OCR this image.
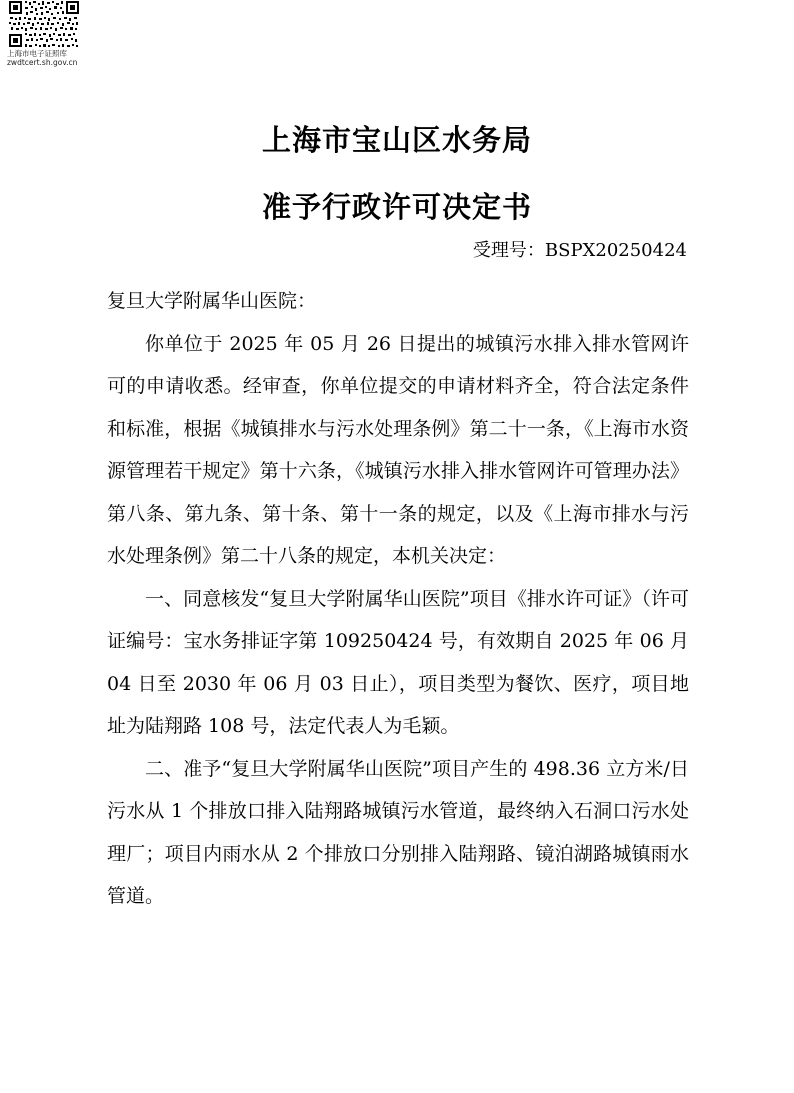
上海市电子证照库
zwdtcert.sh.gov.cn
上海市宝山区水务局
准予行政许可决定书
受理号：BSPX20250424

复旦大学附属华山医院：

你单位于 2025 年 05 月 26 日提出的城镇污水排入排水管网许可的申请收悉。经审查，你单位提交的申请材料齐全，符合法定条件和标准，根据《城镇排水与污水处理条例》第二十一条，《上海市水资源管理若干规定》第十六条，《城镇污水排入排水管网许可管理办法》第八条、第九条、第十条、第十一条的规定，以及《上海市排水与污水处理条例》第二十八条的规定，本机关决定：

一、同意核发“复旦大学附属华山医院”项目《排水许可证》（许可证编号：宝水务排证字第 109250424 号，有效期自 2025 年 06 月 04 日至 2030 年 06 月 03 日止），项目类型为餐饮、医疗，项目地址为陆翔路 108 号，法定代表人为毛颖。

二、准予“复旦大学附属华山医院”项目产生的 498.36 立方米/日污水从 1 个排放口排入陆翔路城镇污水管道，最终纳入石洞口污水处理厂；项目内雨水从 2 个排放口分别排入陆翔路、镜泊湖路城镇雨水管道。
